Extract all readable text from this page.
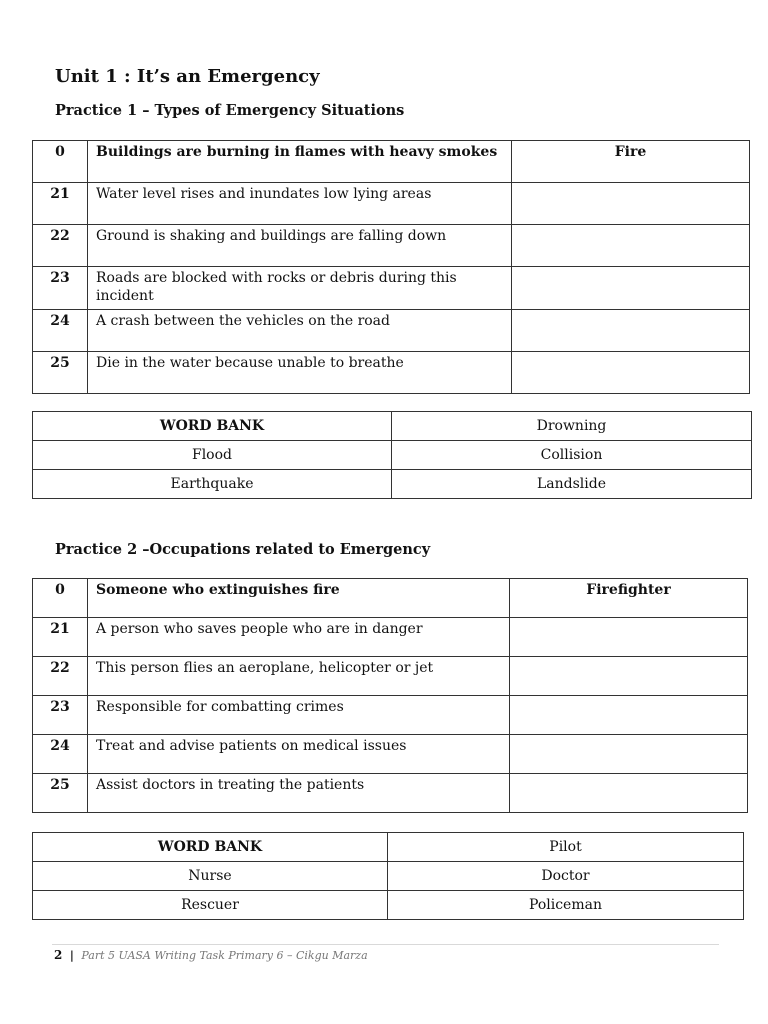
Unit 1 : It’s an Emergency
Practice 1 – Types of Emergency Situations
0	Buildings are burning in flames with heavy smokes	Fire
21	Water level rises and inundates low lying areas	
22	Ground is shaking and buildings are falling down	
23	Roads are blocked with rocks or debris during this incident	
24	A crash between the vehicles on the road	
25	Die in the water because unable to breathe	
WORD BANK	Drowning
Flood	Collision
Earthquake	Landslide
Practice 2 –Occupations related to Emergency
0	Someone who extinguishes fire	Firefighter
21	A person who saves people who are in danger	
22	This person flies an aeroplane, helicopter or jet	
23	Responsible for combatting crimes	
24	Treat and advise patients on medical issues	
25	Assist doctors in treating the patients	
WORD BANK	Pilot
Nurse	Doctor
Rescuer	Policeman
2 | Part 5 UASA Writing Task Primary 6 – Cikgu Marza
